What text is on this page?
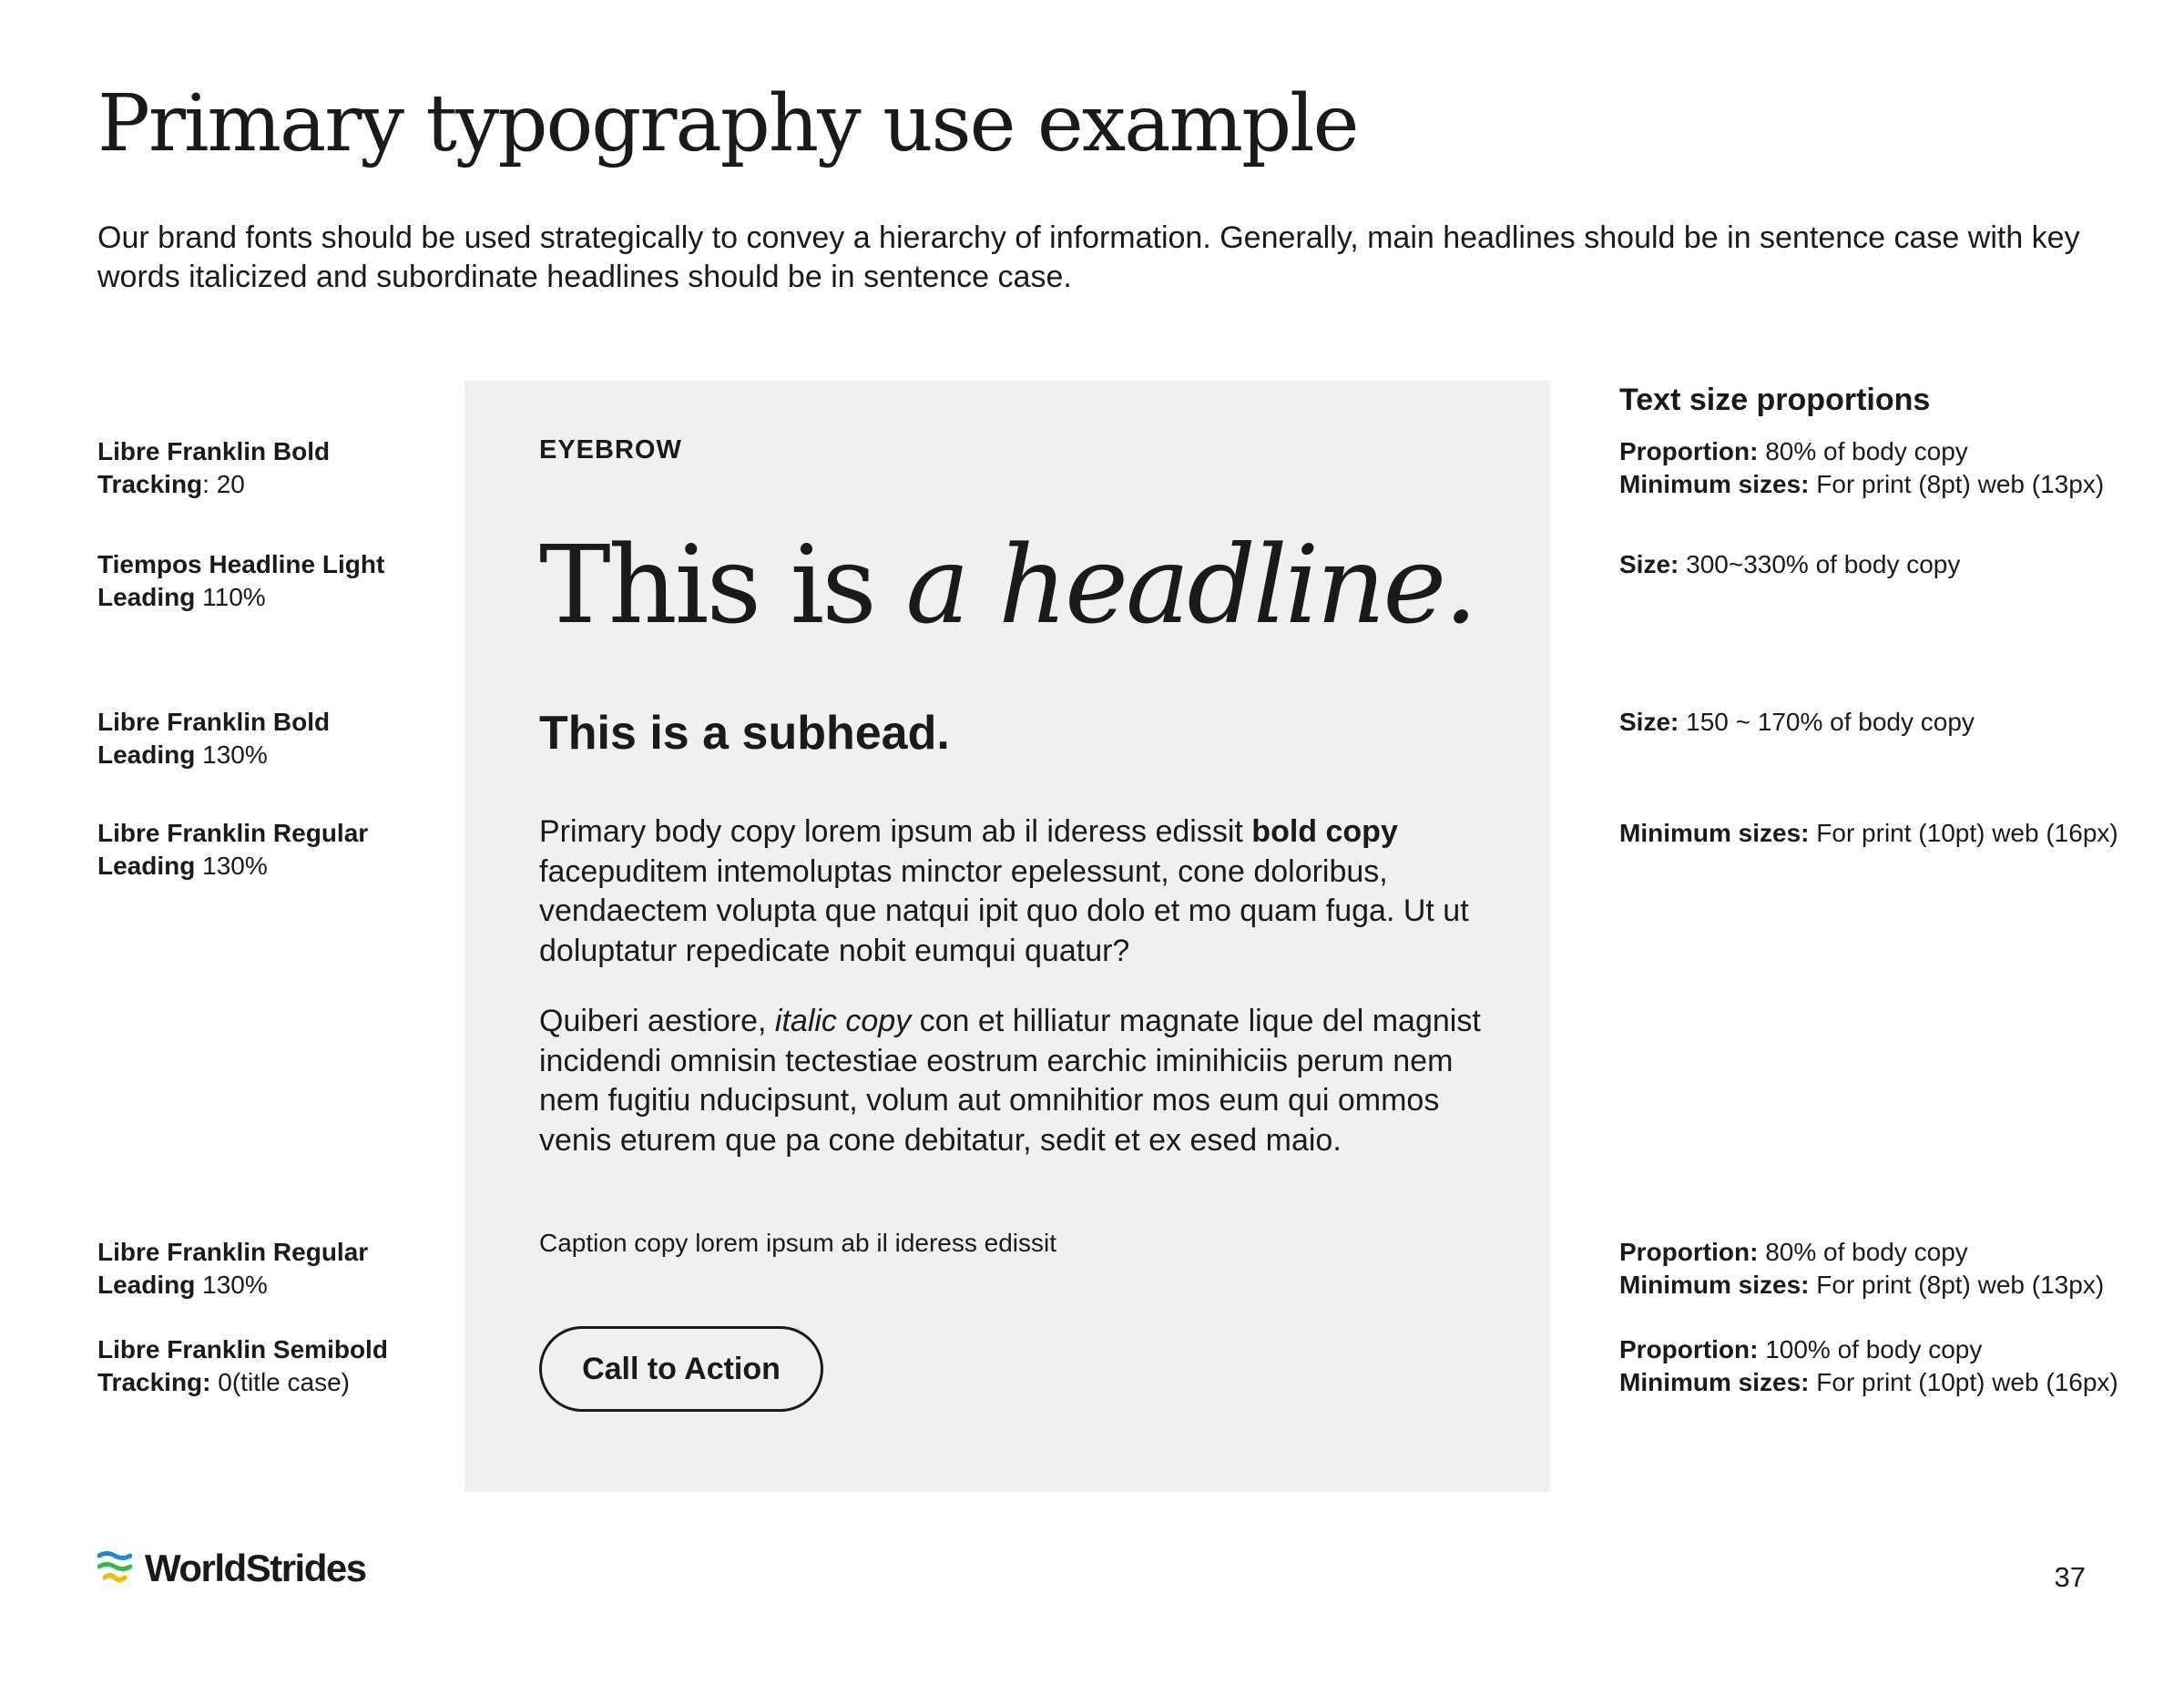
Primary typography use example

Our brand fonts should be used strategically to convey a hierarchy of information. Generally, main headlines should be in sentence case with key words italicized and subordinate headlines should be in sentence case.

Libre Franklin Bold
Tracking: 20
Tiempos Headline Light
Leading 110%
Libre Franklin Bold
Leading 130%
Libre Franklin Regular
Leading 130%
Libre Franklin Regular
Leading 130%
Libre Franklin Semibold
Tracking: 0(title case)
EYEBROW
This is a headline.
This is a subhead.

Primary body copy lorem ipsum ab il ideress edissit bold copy facepuditem intemoluptas minctor epelessunt, cone doloribus, vendaectem volupta que natqui ipit quo dolo et mo quam fuga. Ut ut doluptatur repedicate nobit eumqui quatur?

Quiberi aestiore, italic copy con et hilliatur magnate lique del magnist incidendi omnisin tectestiae eostrum earchic iminihiciis perum nem nem fugitiu nducipsunt, volum aut omnihitior mos eum qui ommos venis eturem que pa cone debitatur, sedit et ex esed maio.

Caption copy lorem ipsum ab il ideress edissit
Call to Action
Text size proportions
Proportion: 80% of body copy
Minimum sizes: For print (8pt) web (13px)
Size: 300~330% of body copy
Size: 150 ~ 170% of body copy
Minimum sizes: For print (10pt) web (16px)
Proportion: 80% of body copy
Minimum sizes: For print (8pt) web (13px)
Proportion: 100% of body copy
Minimum sizes: For print (10pt) web (16px)
WorldStrides	37
